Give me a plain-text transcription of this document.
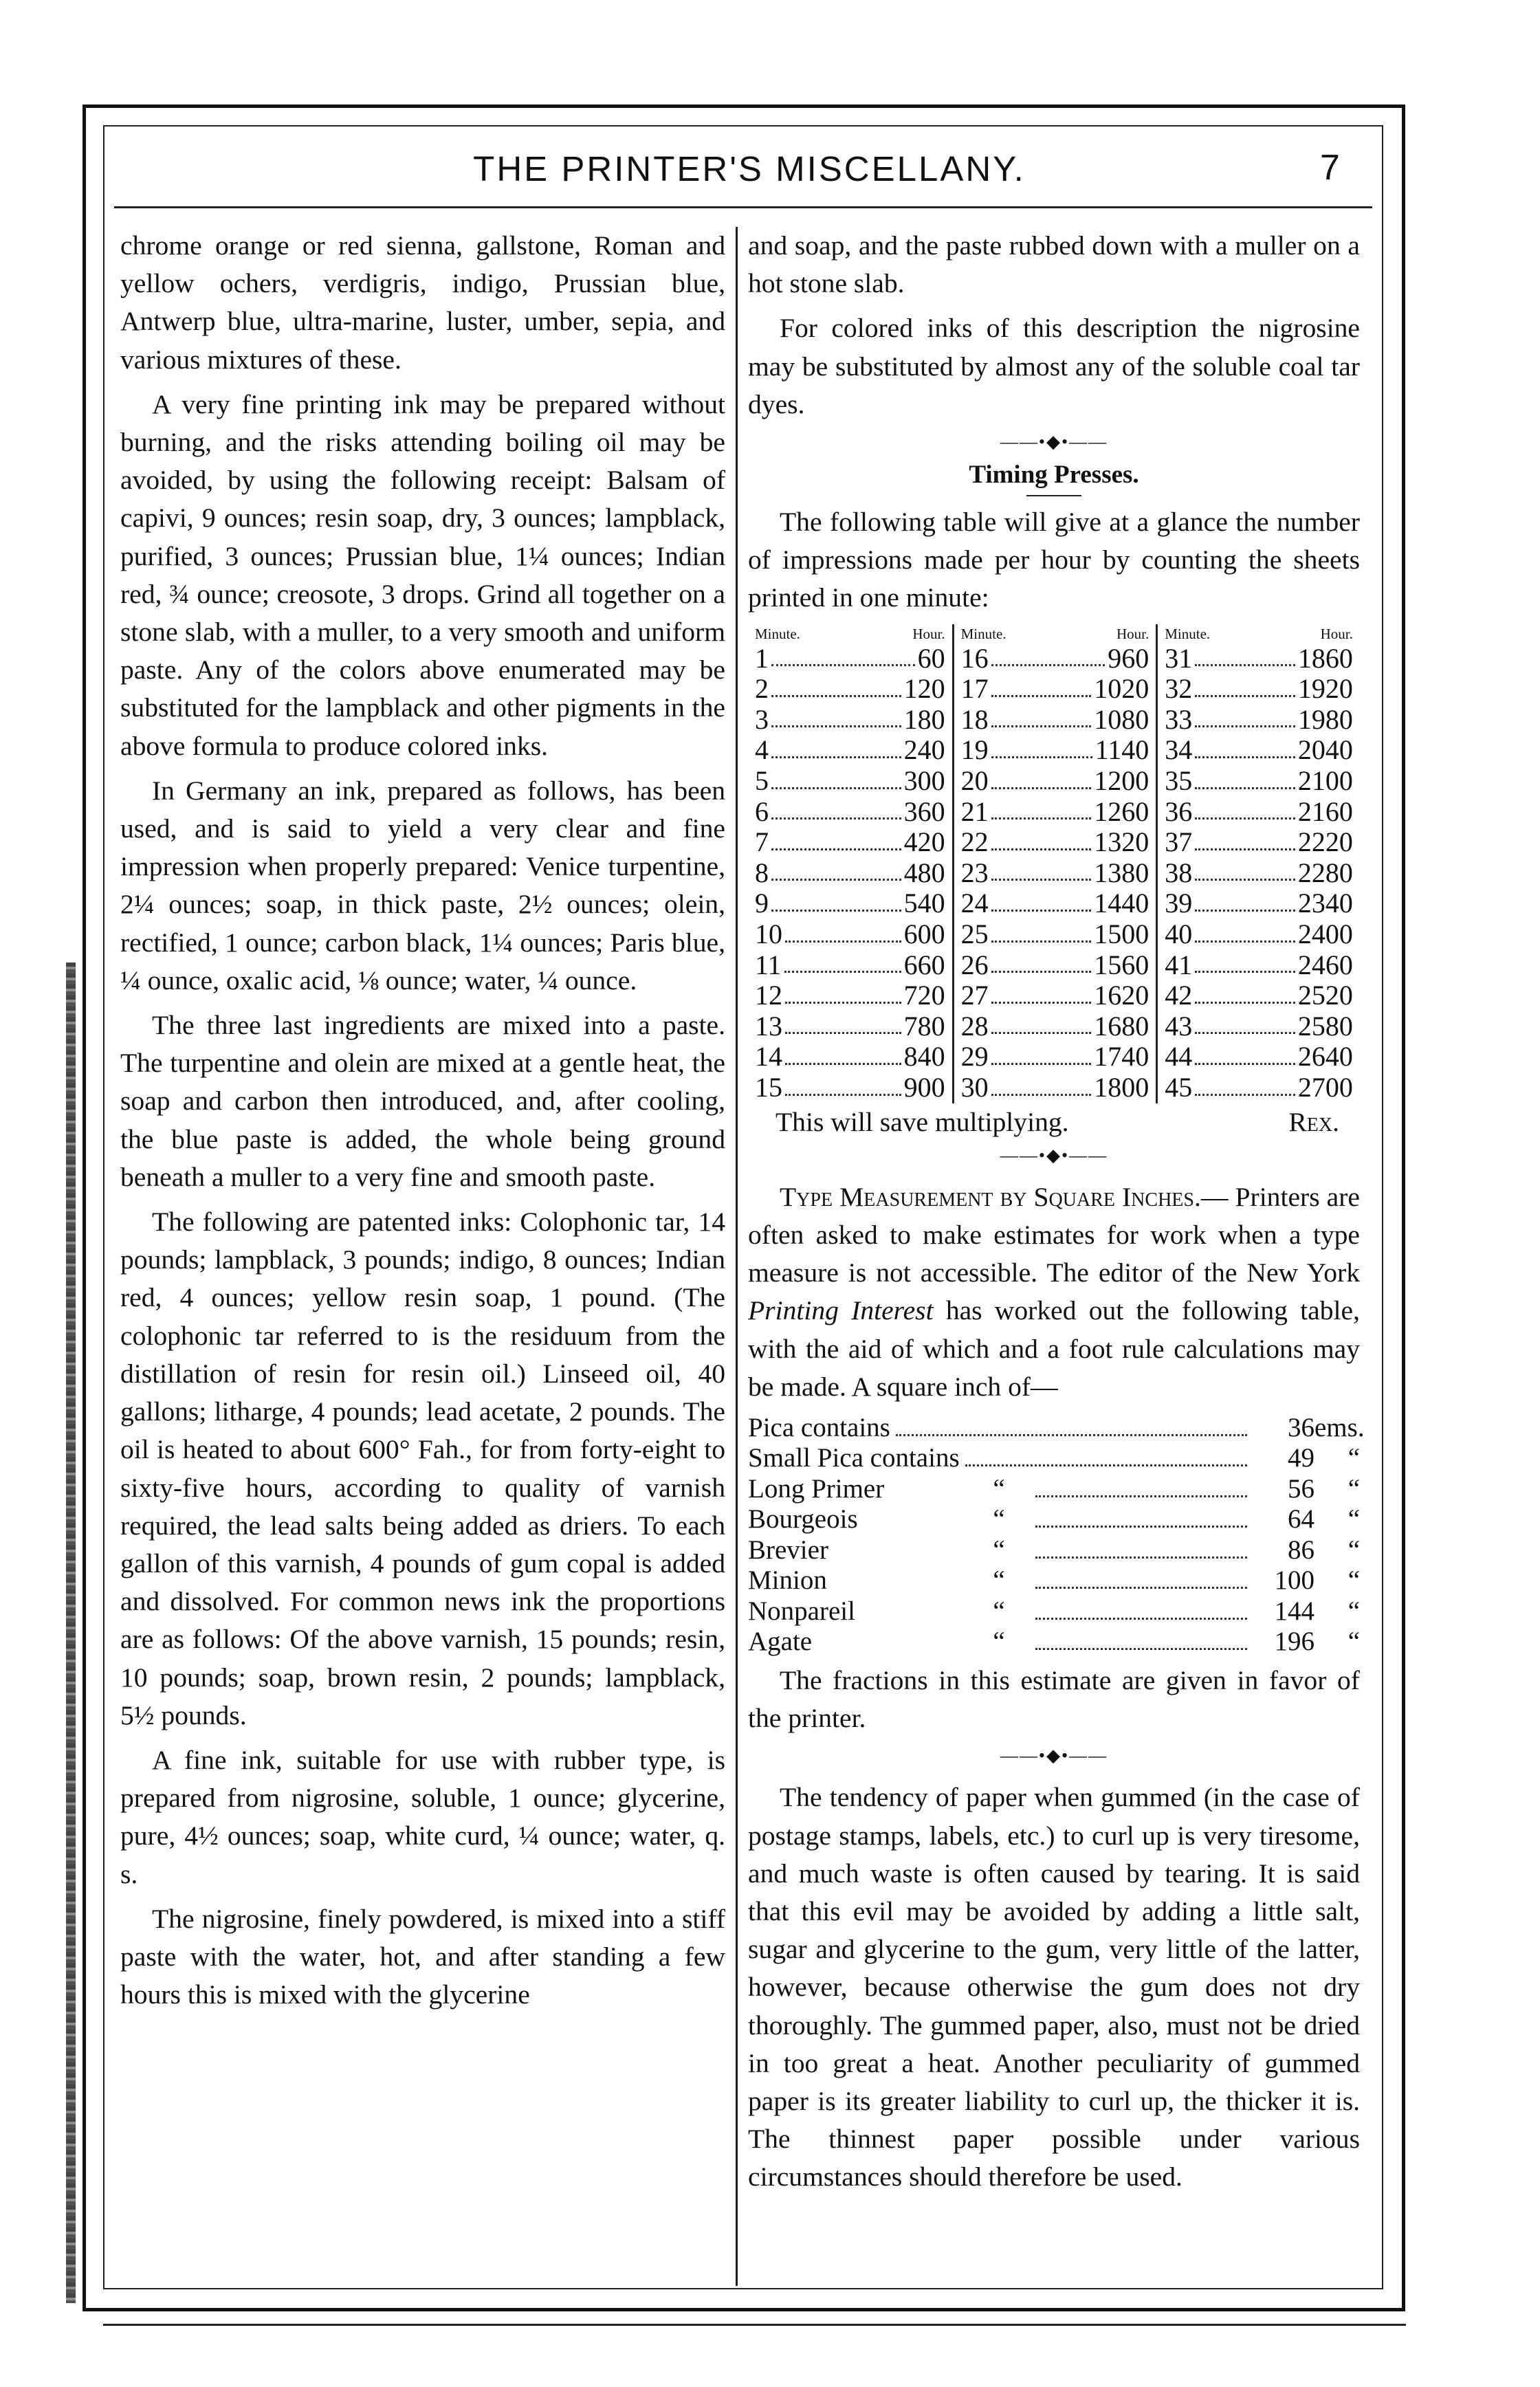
THE PRINTER'S MISCELLANY.	7

chrome orange or red sienna, gallstone, Roman and yellow ochers, verdigris, indigo, Prussian blue, Antwerp blue, ultra-marine, luster, umber, sepia, and various mixtures of these.

A very fine printing ink may be prepared without burning, and the risks attending boiling oil may be avoided, by using the following receipt: Balsam of capivi, 9 ounces; resin soap, dry, 3 ounces; lampblack, purified, 3 ounces; Prussian blue, 1¼ ounces; Indian red, ¾ ounce; creosote, 3 drops. Grind all together on a stone slab, with a muller, to a very smooth and uniform paste. Any of the colors above enumerated may be substituted for the lampblack and other pigments in the above formula to produce colored inks.

In Germany an ink, prepared as follows, has been used, and is said to yield a very clear and fine impression when properly prepared: Venice turpentine, 2¼ ounces; soap, in thick paste, 2½ ounces; olein, rectified, 1 ounce; carbon black, 1¼ ounces; Paris blue, ¼ ounce, oxalic acid, ⅛ ounce; water, ¼ ounce.

The three last ingredients are mixed into a paste. The turpentine and olein are mixed at a gentle heat, the soap and carbon then introduced, and, after cooling, the blue paste is added, the whole being ground beneath a muller to a very fine and smooth paste.

The following are patented inks: Colophonic tar, 14 pounds; lampblack, 3 pounds; indigo, 8 ounces; Indian red, 4 ounces; yellow resin soap, 1 pound. (The colophonic tar referred to is the residuum from the distillation of resin for resin oil.) Linseed oil, 40 gallons; litharge, 4 pounds; lead acetate, 2 pounds. The oil is heated to about 600° Fah., for from forty-eight to sixty-five hours, according to quality of varnish required, the lead salts being added as driers. To each gallon of this varnish, 4 pounds of gum copal is added and dissolved. For common news ink the proportions are as follows: Of the above varnish, 15 pounds; resin, 10 pounds; soap, brown resin, 2 pounds; lampblack, 5½ pounds.

A fine ink, suitable for use with rubber type, is prepared from nigrosine, soluble, 1 ounce; glycerine, pure, 4½ ounces; soap, white curd, ¼ ounce; water, q. s.

The nigrosine, finely powdered, is mixed into a stiff paste with the water, hot, and after standing a few hours this is mixed with the glycerine

and soap, and the paste rubbed down with a muller on a hot stone slab.

For colored inks of this description the nigrosine may be substituted by almost any of the soluble coal tar dyes.

——•◆•——
Timing Presses.

The following table will give at a glance the number of impressions made per hour by counting the sheets printed in one minute:

Minute.	Hour.
1	60
2	120
3	180
4	240
5	300
6	360
7	420
8	480
9	540
10	600
11	660
12	720
13	780
14	840
15	900
Minute.	Hour.
16	960
17	1020
18	1080
19	1140
20	1200
21	1260
22	1320
23	1380
24	1440
25	1500
26	1560
27	1620
28	1680
29	1740
30	1800
Minute.	Hour.
31	1860
32	1920
33	1980
34	2040
35	2100
36	2160
37	2220
38	2280
39	2340
40	2400
41	2460
42	2520
43	2580
44	2640
45	2700
This will save multiplying.	Rex.
——•◆•——

Type Measurement by Square Inches.— Printers are often asked to make estimates for work when a type measure is not accessible. The editor of the New York Printing Interest has worked out the following table, with the aid of which and a foot rule calculations may be made. A square inch of—

Pica contains	36 ems.
Small Pica contains	49	“
Long Primer	“	56	“
Bourgeois	“	64	“
Brevier	“	86	“
Minion	“	100	“
Nonpareil	“	144	“
Agate	“	196	“

The fractions in this estimate are given in favor of the printer.

——•◆•——

The tendency of paper when gummed (in the case of postage stamps, labels, etc.) to curl up is very tiresome, and much waste is often caused by tearing. It is said that this evil may be avoided by adding a little salt, sugar and glycerine to the gum, very little of the latter, however, because otherwise the gum does not dry thoroughly. The gummed paper, also, must not be dried in too great a heat. Another peculiarity of gummed paper is its greater liability to curl up, the thicker it is. The thinnest paper possible under various circumstances should therefore be used.
